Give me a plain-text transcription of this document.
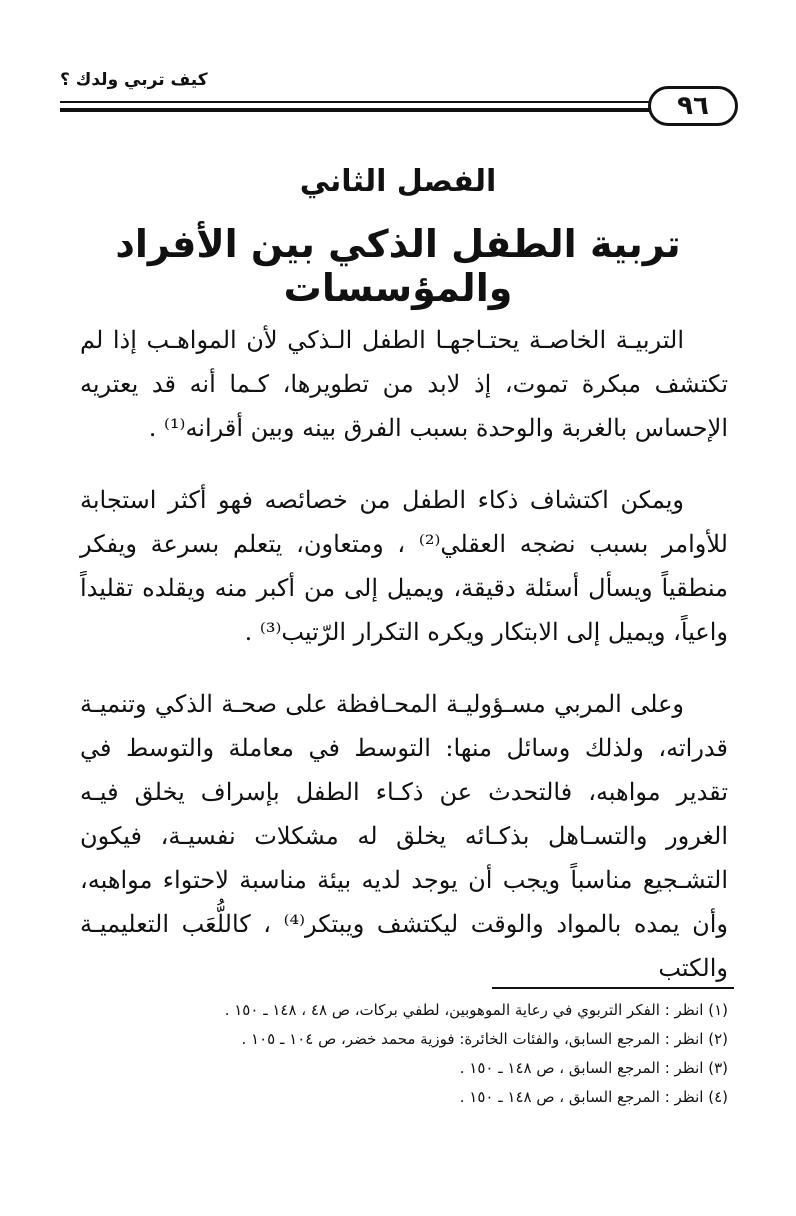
كيف تربي ولدك ؟
٩٦
الفصل الثاني
تربية الطفل الذكي بين الأفراد والمؤسسات

التربيـة الخاصـة يحتـاجهـا الطفل الـذكي لأن المواهـب إذا لم تكتشف مبكرة تموت، إذ لابد من تطويرها، كـما أنه قد يعتريه الإحساس بالغربة والوحدة بسبب الفرق بينه وبين أقرانه⁽¹⁾ .

ويمكن اكتشاف ذكاء الطفل من خصائصه فهو أكثر استجابة للأوامر بسبب نضجه العقلي⁽²⁾ ، ومتعاون، يتعلم بسرعة ويفكر منطقياً ويسأل أسئلة دقيقة، ويميل إلى من أكبر منه ويقلده تقليداً واعياً، ويميل إلى الابتكار ويكره التكرار الرّتيب⁽³⁾ .

وعلى المربي مسـؤوليـة المحـافظة على صحـة الذكي وتنميـة قدراته، ولذلك وسائل منها: التوسط في معاملة والتوسط في تقدير مواهبه، فالتحدث عن ذكـاء الطفل بإسراف يخلق فيـه الغرور والتسـاهل بذكـائه يخلق له مشكلات نفسيـة، فيكون التشـجيع مناسباً ويجب أن يوجد لديه بيئة مناسبة لاحتواء مواهبه، وأن يمده بالمواد والوقت ليكتشف ويبتكر⁽⁴⁾ ، كاللُّعَب التعليميـة والكتب

(١) انظر : الفكر التربوي في رعاية الموهوبين، لطفي بركات، ص ٤٨ ، ١٤٨ ـ ١٥٠ .
(٢) انظر : المرجع السابق، والفئات الخائرة: فوزية محمد خضر، ص ١٠٤ ـ ١٠٥ .
(٣) انظر : المرجع السابق ، ص ١٤٨ ـ ١٥٠ .
(٤) انظر : المرجع السابق ، ص ١٤٨ ـ ١٥٠ .
